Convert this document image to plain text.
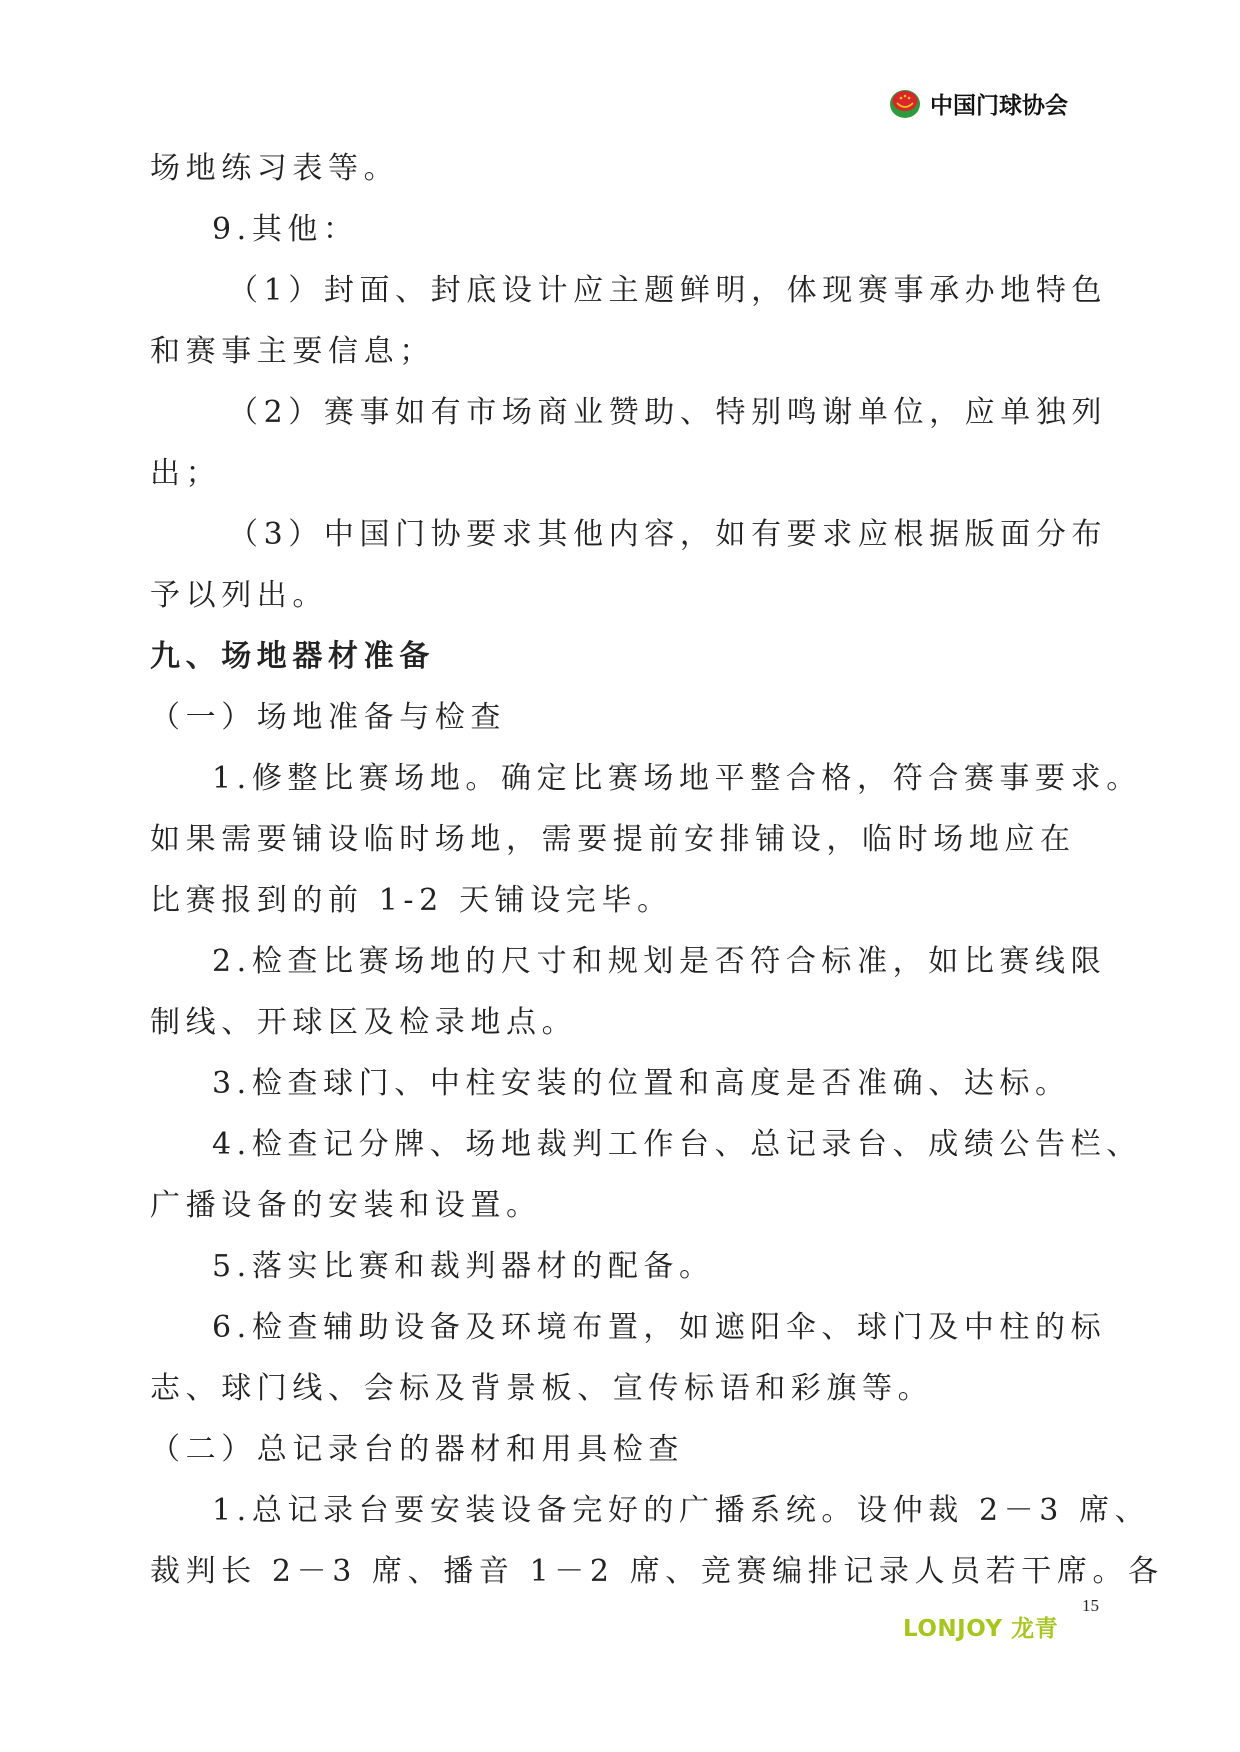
中国门球协会
场地练习表等。
9.其他：
（1）封面、封底设计应主题鲜明，体现赛事承办地特色
和赛事主要信息；
（2）赛事如有市场商业赞助、特别鸣谢单位，应单独列
出；
（3）中国门协要求其他内容，如有要求应根据版面分布
予以列出。
九、场地器材准备
（一）场地准备与检查
1.修整比赛场地。确定比赛场地平整合格，符合赛事要求。
如果需要铺设临时场地，需要提前安排铺设，临时场地应在
比赛报到的前 1-2 天铺设完毕。
2.检查比赛场地的尺寸和规划是否符合标准，如比赛线限
制线、开球区及检录地点。
3.检查球门、中柱安装的位置和高度是否准确、达标。
4.检查记分牌、场地裁判工作台、总记录台、成绩公告栏、
广播设备的安装和设置。
5.落实比赛和裁判器材的配备。
6.检查辅助设备及环境布置，如遮阳伞、球门及中柱的标
志、球门线、会标及背景板、宣传标语和彩旗等。
（二）总记录台的器材和用具检查
1.总记录台要安装设备完好的广播系统。设仲裁 2－3 席、
裁判长 2－3 席、播音 1－2 席、竞赛编排记录人员若干席。各
LONJOY 龙青
15
